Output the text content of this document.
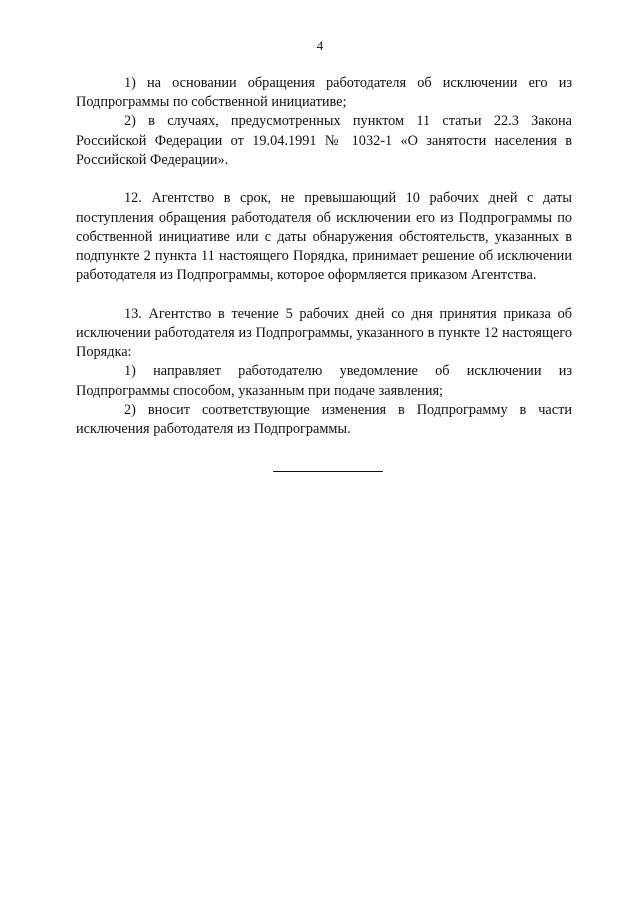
4

1) на основании обращения работодателя об исключении его из Подпрограммы по собственной инициативе;

2) в случаях, предусмотренных пунктом 11 статьи 22.3 Закона Российской Федерации от 19.04.1991 № 1032-1 «О занятости населения в Российской Федерации».

12. Агентство в срок, не превышающий 10 рабочих дней с даты поступления обращения работодателя об исключении его из Подпрограммы по собственной инициативе или с даты обнаружения обстоятельств, указанных в подпункте 2 пункта 11 настоящего Порядка, принимает решение об исключении работодателя из Подпрограммы, которое оформляется приказом Агентства.

13. Агентство в течение 5 рабочих дней со дня принятия приказа об исключении работодателя из Подпрограммы, указанного в пункте 12 настоящего Порядка:

1) направляет работодателю уведомление об исключении из Подпрограммы способом, указанным при подаче заявления;

2) вносит соответствующие изменения в Подпрограмму в части исключения работодателя из Подпрограммы.
